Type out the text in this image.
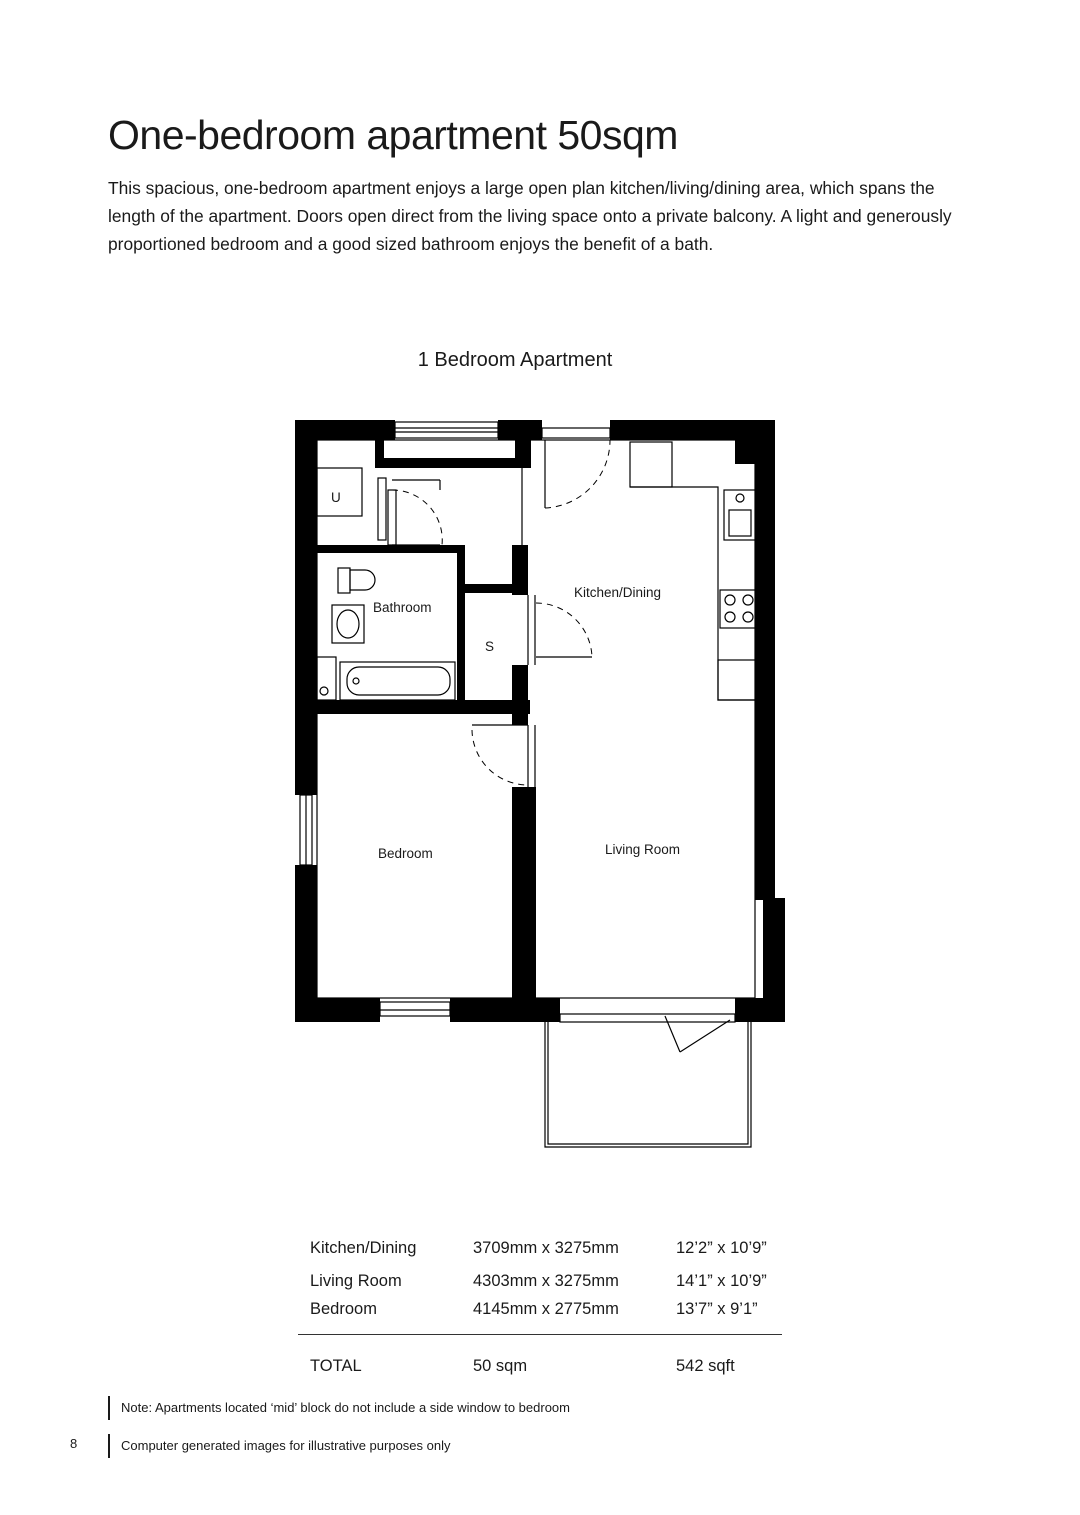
One-bedroom apartment 50sqm
This spacious, one-bedroom apartment enjoys a large open plan kitchen/living/dining area, which spans the length of the apartment. Doors open direct from the living space onto a private balcony. A light and generously proportioned bedroom and a good sized bathroom enjoys the benefit of a bath.
1 Bedroom Apartment
U
Bathroom
S
Kitchen/Dining
Bedroom	Living Room
Kitchen/Dining	3709mm x 3275mm	12’2” x 10’9”
Living Room	4303mm x 3275mm	14’1” x 10’9”
Bedroom	4145mm x 2775mm	13’7” x 9’1”
TOTAL	50 sqm	542 sqft
Note: Apartments located ‘mid’ block do not include a side window to bedroom
8	Computer generated images for illustrative purposes only
